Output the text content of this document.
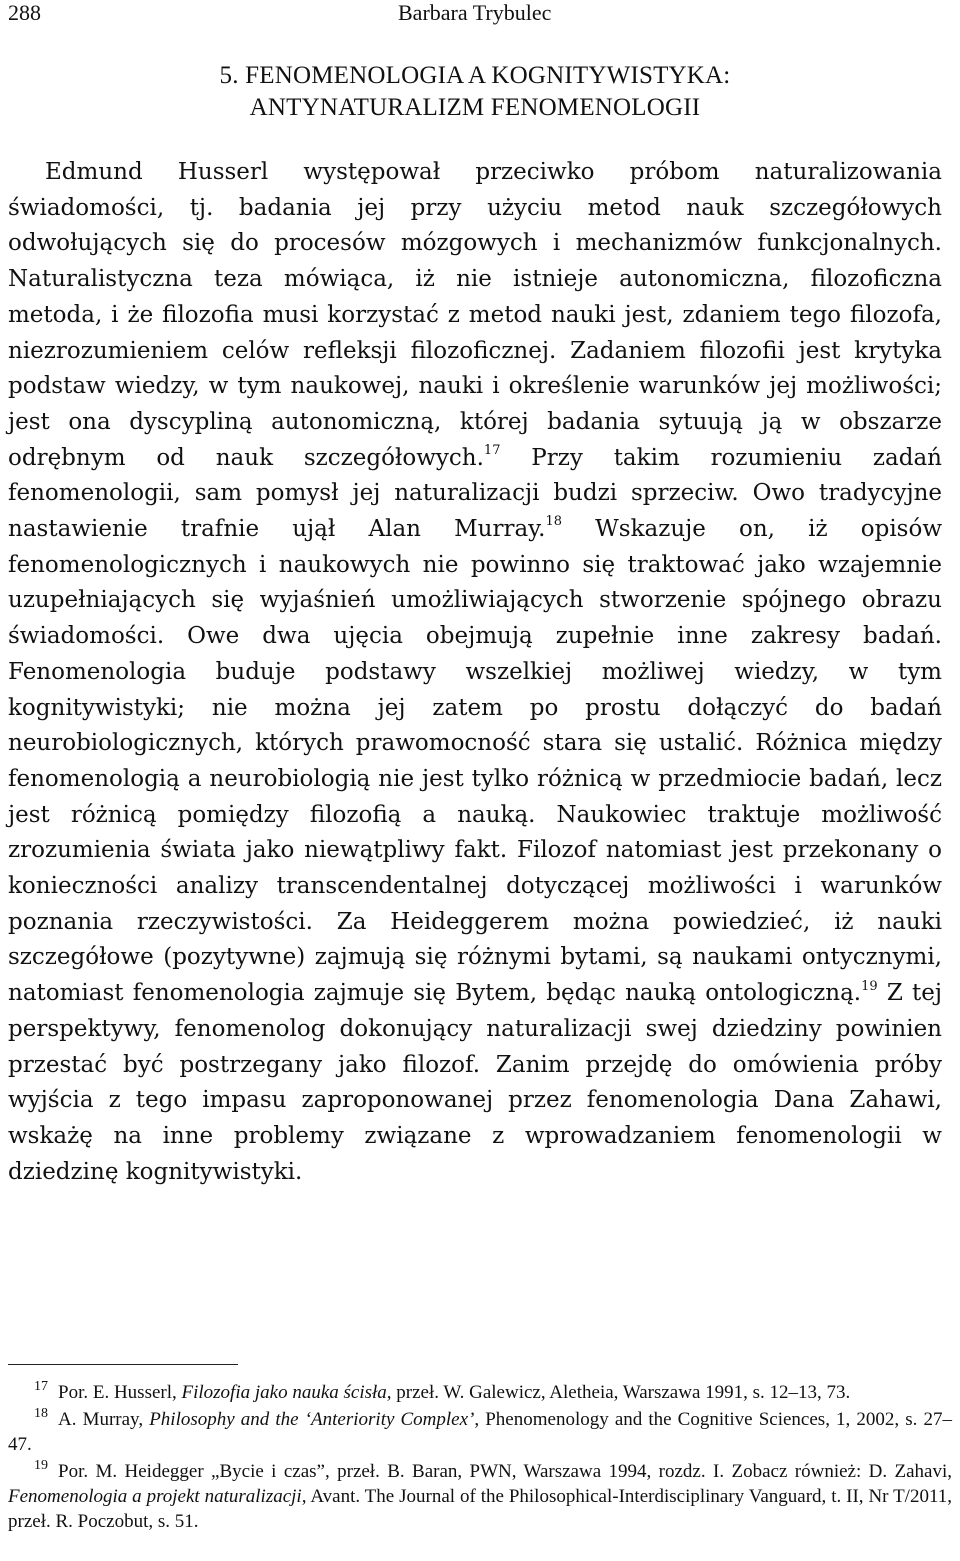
288	Barbara Trybulec
5. FENOMENOLOGIA A KOGNITYWISTYKA:
ANTYNATURALIZM FENOMENOLOGII

Edmund Husserl występował przeciwko próbom naturalizowania świadomości, tj. badania jej przy użyciu metod nauk szczegółowych odwołujących się do procesów mózgowych i mechanizmów funkcjonalnych. Naturalistyczna teza mówiąca, iż nie istnieje autonomiczna, filozoficzna metoda, i że filozofia musi korzystać z metod nauki jest, zdaniem tego filozofa, niezrozumieniem celów refleksji filozoficznej. Zadaniem filozofii jest krytyka podstaw wiedzy, w tym naukowej, nauki i określenie warunków jej możliwości; jest ona dyscypliną autonomiczną, której badania sytuują ją w obszarze odrębnym od nauk szczegółowych.$^{17}$ Przy takim rozumieniu zadań fenomenologii, sam pomysł jej naturalizacji budzi sprzeciw. Owo tradycyjne nastawienie trafnie ujął Alan Murray.$^{18}$ Wskazuje on, iż opisów fenomenologicznych i naukowych nie powinno się traktować jako wzajemnie uzupełniających się wyjaśnień umożliwiających stworzenie spójnego obrazu świadomości. Owe dwa ujęcia obejmują zupełnie inne zakresy badań. Fenomenologia buduje podstawy wszelkiej możliwej wiedzy, w tym kognitywistyki; nie można jej zatem po prostu dołączyć do badań neurobiologicznych, których prawomocność stara się ustalić. Różnica między fenomenologią a neurobiologią nie jest tylko różnicą w przedmiocie badań, lecz jest różnicą pomiędzy filozofią a nauką. Naukowiec traktuje możliwość zrozumienia świata jako niewątpliwy fakt. Filozof natomiast jest przekonany o konieczności analizy transcendentalnej dotyczącej możliwości i warunków poznania rzeczywistości. Za Heideggerem można powiedzieć, iż nauki szczegółowe (pozytywne) zajmują się różnymi bytami, są naukami ontycznymi, natomiast fenomenologia zajmuje się Bytem, będąc nauką ontologiczną.$^{19}$ Z tej perspektywy, fenomenolog dokonujący naturalizacji swej dziedziny powinien przestać być postrzegany jako filozof. Zanim przejdę do omówienia próby wyjścia z tego impasu zaproponowanej przez fenomenologia Dana Zahawi, wskażę na inne problemy związane z wprowadzaniem fenomenologii w dziedzinę kognitywistyki.

$^{17}$ Por. E. Husserl, Filozofia jako nauka ścisła, przeł. W. Galewicz, Aletheia, Warszawa 1991, s. 12–13, 73.

$^{18}$ A. Murray, Philosophy and the ‘Anteriority Complex’, Phenomenology and the Cognitive Sciences, 1, 2002, s. 27–47.

$^{19}$ Por. M. Heidegger „Bycie i czas”, przeł. B. Baran, PWN, Warszawa 1994, rozdz. I. Zobacz również: D. Zahavi, Fenomenologia a projekt naturalizacji, Avant. The Journal of the Philosophical-Interdisciplinary Vanguard, t. II, Nr T/2011, przeł. R. Poczobut, s. 51.
